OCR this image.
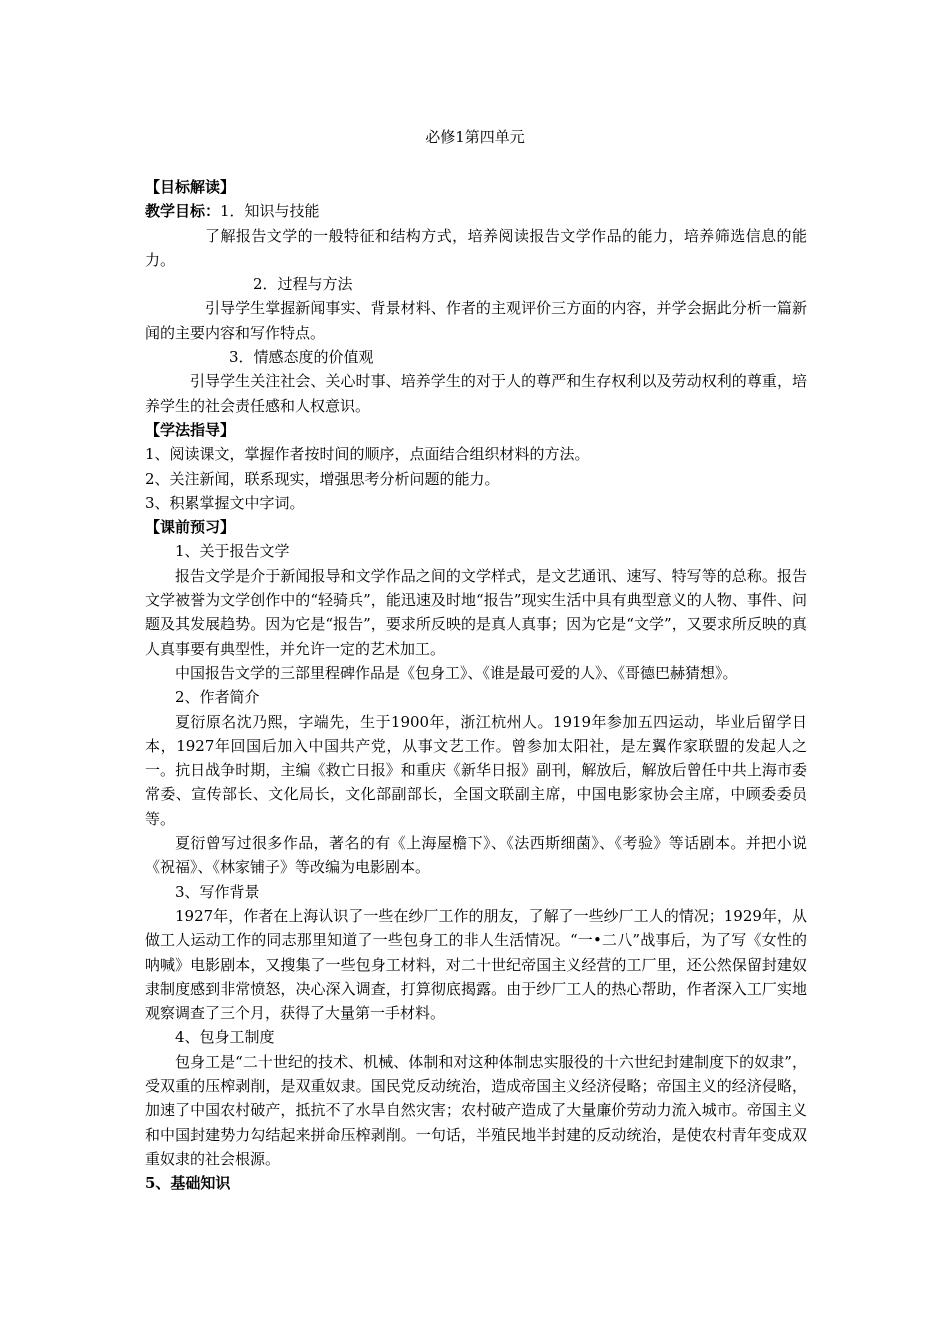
必修1第四单元

【目标解读】

教学目标：1．知识与技能

了解报告文学的一般特征和结构方式，培养阅读报告文学作品的能力，培养筛选信息的能力。

2．过程与方法

引导学生掌握新闻事实、背景材料、作者的主观评价三方面的内容，并学会据此分析一篇新闻的主要内容和写作特点。

3．情感态度的价值观

引导学生关注社会、关心时事、培养学生的对于人的尊严和生存权利以及劳动权利的尊重，培养学生的社会责任感和人权意识。

【学法指导】

1、阅读课文，掌握作者按时间的顺序，点面结合组织材料的方法。

2、关注新闻，联系现实，增强思考分析问题的能力。

3、积累掌握文中字词。

【课前预习】

1、关于报告文学

报告文学是介于新闻报导和文学作品之间的文学样式，是文艺通讯、速写、特写等的总称。报告文学被誉为文学创作中的“轻骑兵”，能迅速及时地“报告”现实生活中具有典型意义的人物、事件、问题及其发展趋势。因为它是“报告”，要求所反映的是真人真事；因为它是“文学”，又要求所反映的真人真事要有典型性，并允许一定的艺术加工。

中国报告文学的三部里程碑作品是《包身工》、《谁是最可爱的人》、《哥德巴赫猜想》。

2、作者简介

夏衍原名沈乃熙，字端先，生于1900年，浙江杭州人。1919年参加五四运动，毕业后留学日本，1927年回国后加入中国共产党，从事文艺工作。曾参加太阳社，是左翼作家联盟的发起人之一。抗日战争时期，主编《救亡日报》和重庆《新华日报》副刊，解放后，解放后曾任中共上海市委常委、宣传部长、文化局长，文化部副部长，全国文联副主席，中国电影家协会主席，中顾委委员等。

夏衍曾写过很多作品，著名的有《上海屋檐下》、《法西斯细菌》、《考验》等话剧本。并把小说《祝福》、《林家铺子》等改编为电影剧本。

3、写作背景

1927年，作者在上海认识了一些在纱厂工作的朋友，了解了一些纱厂工人的情况；1929年，从做工人运动工作的同志那里知道了一些包身工的非人生活情况。“一•二八”战事后，为了写《女性的呐喊》电影剧本，又搜集了一些包身工材料，对二十世纪帝国主义经营的工厂里，还公然保留封建奴隶制度感到非常愤怒，决心深入调查，打算彻底揭露。由于纱厂工人的热心帮助，作者深入工厂实地观察调查了三个月，获得了大量第一手材料。

4、包身工制度

包身工是“二十世纪的技术、机械、体制和对这种体制忠实服役的十六世纪封建制度下的奴隶”，受双重的压榨剥削，是双重奴隶。国民党反动统治，造成帝国主义经济侵略；帝国主义的经济侵略，加速了中国农村破产，抵抗不了水旱自然灾害；农村破产造成了大量廉价劳动力流入城市。帝国主义和中国封建势力勾结起来拼命压榨剥削。一句话，半殖民地半封建的反动统治，是使农村青年变成双重奴隶的社会根源。

5、基础知识
